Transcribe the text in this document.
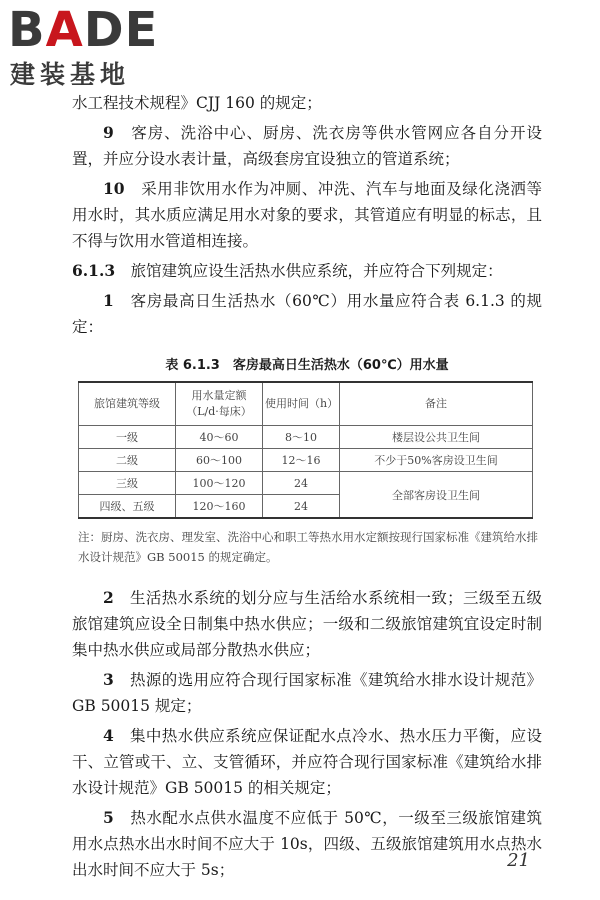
BADE
建装基地

水工程技术规程》CJJ 160 的规定；

9　 客房、洗浴中心、厨房、洗衣房等供水管网应各自分开设置，并应分设水表计量，高级套房宜设独立的管道系统；

10　 采用非饮用水作为冲厕、冲洗、汽车与地面及绿化浇洒等用水时，其水质应满足用水对象的要求，其管道应有明显的标志，且不得与饮用水管道相连接。

6.1.3　 旅馆建筑应设生活热水供应系统，并应符合下列规定：

1　 客房最高日生活热水（60℃）用水量应符合表 6.1.3 的规定：

表 6.1.3　客房最高日生活热水（60℃）用水量
旅馆建筑等级	用水量定额（L/d·每床）	使用时间（h）	备注
一级	40～60	8～10	楼层设公共卫生间
二级	60～100	12～16	不少于50%客房设卫生间
三级	100～120	24	全部客房设卫生间
四级、五级	120～160	24	
注：厨房、洗衣房、理发室、洗浴中心和职工等热水用水定额按现行国家标准《建筑给水排水设计规范》GB 50015 的规定确定。

2　 生活热水系统的划分应与生活给水系统相一致；三级至五级旅馆建筑应设全日制集中热水供应；一级和二级旅馆建筑宜设定时制集中热水供应或局部分散热水供应；

3　 热源的选用应符合现行国家标准《建筑给水排水设计规范》GB 50015 规定；

4　 集中热水供应系统应保证配水点冷水、热水压力平衡，应设干、立管或干、立、支管循环，并应符合现行国家标准《建筑给水排水设计规范》GB 50015 的相关规定；

5　 热水配水点供水温度不应低于 50℃，一级至三级旅馆建筑用水点热水出水时间不应大于 10s，四级、五级旅馆建筑用水点热水出水时间不应大于 5s；	21
